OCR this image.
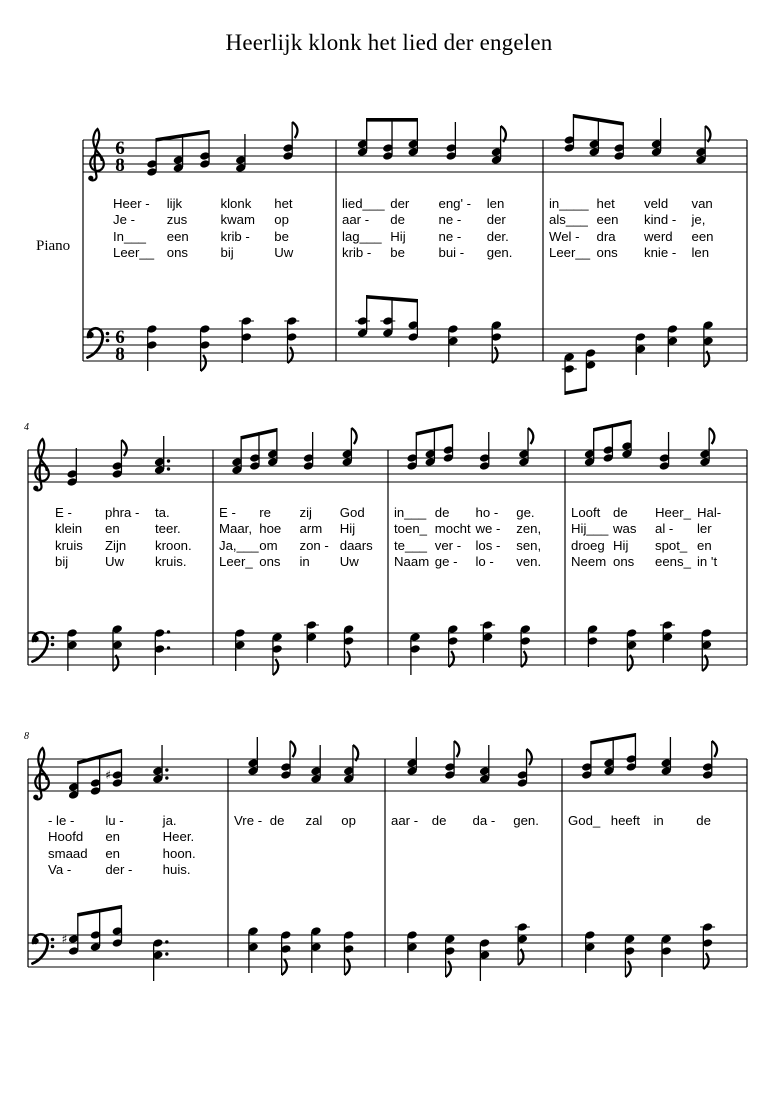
Heerlijk klonk het lied der engelen
6
8
6
8
♯
♯
Piano
4
8
Heer -	lijk	klonk	het
Je -	zus	kwam	op
In___	een	krib -	be
Leer__ ons	bij	Uw
lied___ der	eng' -	len
aar -	de	ne -	der
lag___ Hij	ne -	der.
krib -	be	bui -	gen.
in____ het	veld	van
als___ een	kind -	je,
Wel -	dra	werd	een
Leer__ ons	knie -	len
E -	phra -	ta.
klein	en	teer.
kruis	Zijn	kroon.
bij	Uw	kruis.
E -	re	zij	God
Maar, hoe	arm	Hij
Ja,___ om	zon - daars
Leer_ ons	in	Uw
in___ de	ho -	ge.
toen_ mocht we -	zen,
te___ ver -	los -	sen,
Naam ge -	lo -	ven.
Looft de	Heer_ Hal-
Hij___ was	al -	ler
droeg Hij	spot_ en
Neem ons	eens_ in 't
- le -	lu -	ja.
Hoofd	en	Heer.
smaad	en	hoon.
Va -	der -	huis.
Vre - de	zal	op	aar -	de	da -	gen.	God_ heeft	in	de
